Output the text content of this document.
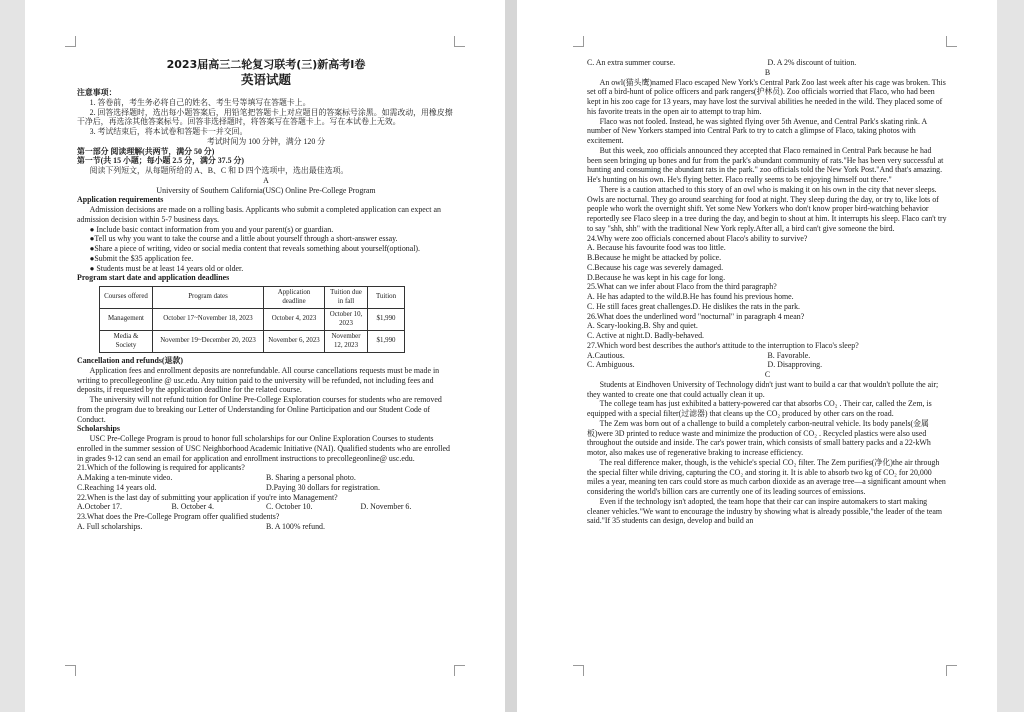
2023届高三二轮复习联考(三)新高考Ⅰ卷
英语试题

注意事项：

1. 答卷前，考生务必将自己的姓名、考生号等填写在答题卡上。

2. 回答选择题时，选出每小题答案后，用铅笔把答题卡上对应题目的答案标号涂黑。如需改动，用橡皮擦干净后，再选涂其他答案标号。回答非选择题时，将答案写在答题卡上。写在本试卷上无效。

3. 考试结束后，将本试卷和答题卡一并交回。

考试时间为 100 分钟，满分 120 分

第一部分 阅读理解(共两节，满分 50 分)

第一节(共 15 小题；每小题 2.5 分，满分 37.5 分)

阅读下列短文，从每题所给的 A、B、C 和 D 四个选项中，选出最佳选项。

A

University of Southern California(USC) Online Pre-College Program

Application requirements

Admission decisions are made on a rolling basis. Applicants who submit a completed application can expect an admission decision within 5-7 business days.

● Include basic contact information from you and your parent(s) or guardian.

●Tell us why you want to take the course and a little about yourself through a short-answer essay.

●Share a piece of writing, video or social media content that reveals something about yourself(optional).

●Submit the $35 application fee.

● Students must be at least 14 years old or older.

Program start date and application deadlines

Courses offered	Program dates	Application deadline	Tuition due in fall	Tuition
Management	October 17~November 18, 2023	October 4, 2023	October 10, 2023	$1,990
Media & Society	November 19~December 20, 2023	November 6, 2023	November 12, 2023	$1,990

Cancellation and refunds(退款)

Application fees and enrollment deposits are nonrefundable. All course cancellations requests must be made in writing to precollegeonline @ usc.edu. Any tuition paid to the university will be refunded, not including fees and deposits, if requested by the application deadline for the related course.

The university will not refund tuition for Online Pre-College Exploration courses for students who are removed from the program due to breaking our Letter of Understanding for Online Participation and our Student Code of Conduct.

Scholarships

USC Pre-College Program is proud to honor full scholarships for our Online Exploration Courses to students enrolled in the summer session of USC Neighborhood Academic Initiative (NAI). Qualified students who are enrolled in grades 9-12 can send an email for application and enrollment instructions to precollegeonline@ usc.edu.

21.Which of the following is required for applicants?

A.Making a ten-minute video.	B. Sharing a personal photo.
C.Reaching 14 years old.	D.Paying 30 dollars for registration.

22.When is the last day of submitting your application if you're into Management?

A.October 17.	B. October 4.	C. October 10.	D. November 6.

23.What does the Pre-College Program offer qualified students?

A. Full scholarships.	B. A 100% refund.
C. An extra summer course.	D. A 2% discount of tuition.

B

An owl(猫头鹰)named Flaco escaped New York's Central Park Zoo last week after his cage was broken. This set off a bird-hunt of police officers and park rangers(护林员). Zoo officials worried that Flaco, who had been kept in his zoo cage for 13 years, may have lost the survival abilities he needed in the wild. They placed some of his favorite treats in the open air to attempt to trap him.

Flaco was not fooled. Instead, he was sighted flying over 5th Avenue, and Central Park's skating rink. A number of New Yorkers stamped into Central Park to try to catch a glimpse of Flaco, taking photos with excitement.

But this week, zoo officials announced they accepted that Flaco remained in Central Park because he had been seen bringing up bones and fur from the park's abundant community of rats."He has been very successful at hunting and consuming the abundant rats in the park." zoo officials told the New York Post."And that's amazing. He's hunting on his own. He's flying better. Flaco really seems to be enjoying himself out there."

There is a caution attached to this story of an owl who is making it on his own in the city that never sleeps. Owls are nocturnal. They go around searching for food at night. They sleep during the day, or try to, like lots of people who work the overnight shift. Yet some New Yorkers who don't know proper bird-watching behavior reportedly see Flaco sleep in a tree during the day, and begin to shout at him. It interrupts his sleep. Flaco can't try to say "shh, shh" with the traditional New York reply.After all, a bird can't give someone the bird.

24.Why were zoo officials concerned about Flaco's ability to survive?

A. Because his favourite food was too little.

B.Because he might be attacked by police.

C.Because his cage was severely damaged.

D.Because he was kept in his cage for long.

25.What can we infer about Flaco from the third paragraph?

A. He has adapted to the wild.B.He has found his previous home.

C. He still faces great challenges.D. He dislikes the rats in the park.

26.What does the underlined word "nocturnal" in paragraph 4 mean?

A. Scary-looking.B. Shy and quiet.

C. Active at night.D. Badly-behaved.

27.Which word best describes the author's attitude to the interruption to Flaco's sleep?

A.Cautious.	B. Favorable.
C. Ambiguous.	D. Disapproving.

C

Students at Eindhoven University of Technology didn't just want to build a car that wouldn't pollute the air; they wanted to create one that could actually clean it up.

The college team has just exhibited a battery-powered car that absorbs CO₂ . Their car, called the Zem, is equipped with a special filter(过滤器) that cleans up the CO₂ produced by other cars on the road.

The Zem was born out of a challenge to build a completely carbon-neutral vehicle. Its body panels(金属板)were 3D printed to reduce waste and minimize the production of CO₂ . Recycled plastics were also used throughout the outside and inside. The car's power train, which consists of small battery packs and a 22-kWh motor, also makes use of regenerative braking to increase efficiency.

The real difference maker, though, is the vehicle's special CO₂ filter. The Zem purifies(净化)the air through the special filter while driving, capturing the CO₂ and storing it. It is able to absorb two kg of CO₂ for 20,000 miles a year, meaning ten cars could store as much carbon dioxide as an average tree—a significant amount when considering the world's billion cars are currently one of its leading sources of emissions.

Even if the technology isn't adopted, the team hope that their car can inspire automakers to start making cleaner vehicles."We want to encourage the industry by showing what is already possible,"the leader of the team said."If 35 students can design, develop and build an
